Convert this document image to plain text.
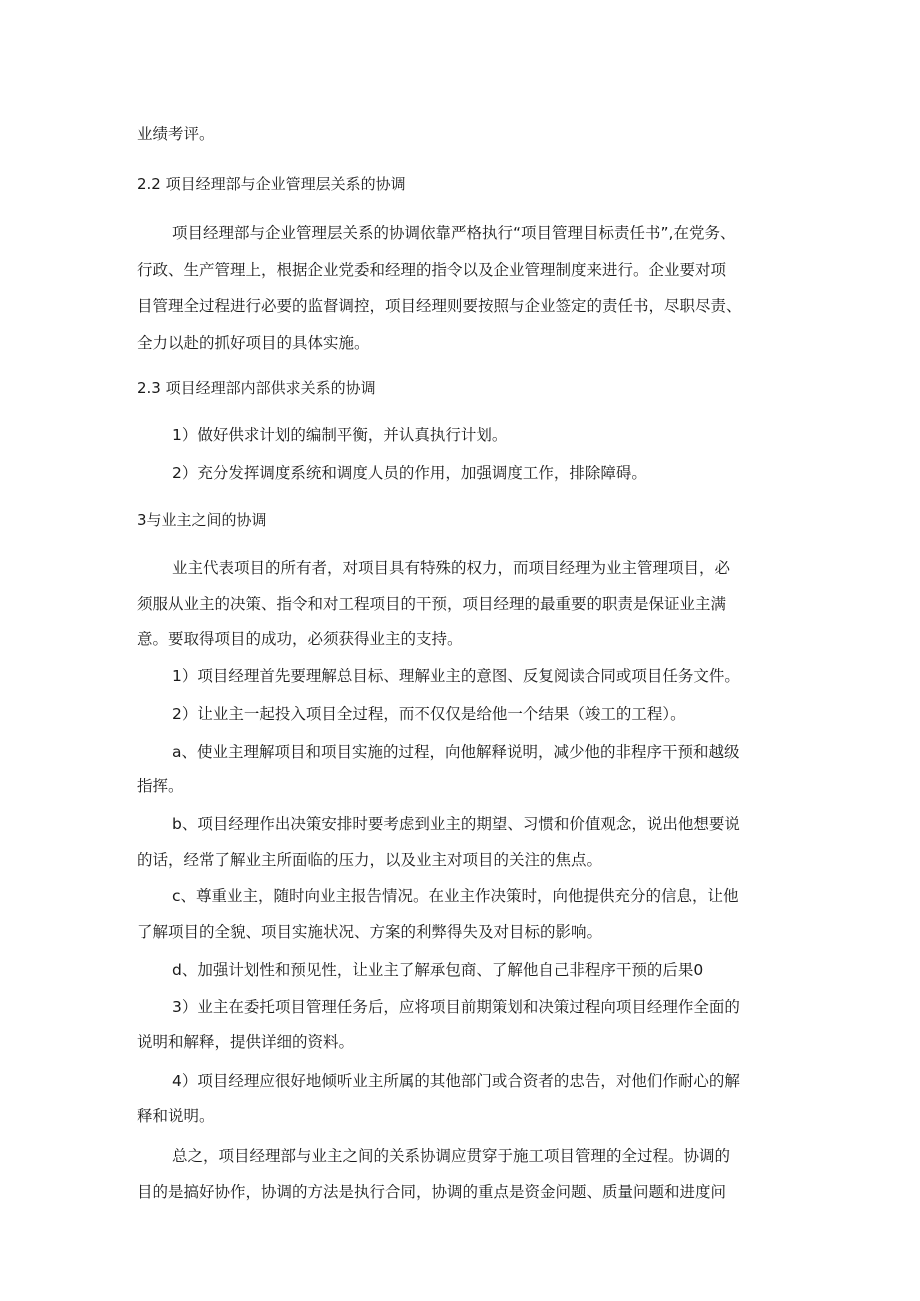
业绩考评。
2.2 项目经理部与企业管理层关系的协调
项目经理部与企业管理层关系的协调依靠严格执行“项目管理目标责任书”,在党务、
行政、生产管理上，根据企业党委和经理的指令以及企业管理制度来进行。企业要对项
目管理全过程进行必要的监督调控，项目经理则要按照与企业签定的责任书，尽职尽责、
全力以赴的抓好项目的具体实施。
2.3 项目经理部内部供求关系的协调
1）做好供求计划的编制平衡，并认真执行计划。
2）充分发挥调度系统和调度人员的作用，加强调度工作，排除障碍。
3与业主之间的协调
业主代表项目的所有者，对项目具有特殊的权力，而项目经理为业主管理项目，必
须服从业主的决策、指令和对工程项目的干预，项目经理的最重要的职责是保证业主满
意。要取得项目的成功，必须获得业主的支持。
1）项目经理首先要理解总目标、理解业主的意图、反复阅读合同或项目任务文件。
2）让业主一起投入项目全过程，而不仅仅是给他一个结果（竣工的工程）。
a、使业主理解项目和项目实施的过程，向他解释说明，减少他的非程序干预和越级
指挥。
b、项目经理作出决策安排时要考虑到业主的期望、习惯和价值观念，说出他想要说
的话，经常了解业主所面临的压力，以及业主对项目的关注的焦点。
c、尊重业主，随时向业主报告情况。在业主作决策时，向他提供充分的信息，让他
了解项目的全貌、项目实施状况、方案的利弊得失及对目标的影响。
d、加强计划性和预见性，让业主了解承包商、了解他自己非程序干预的后果0
3）业主在委托项目管理任务后，应将项目前期策划和决策过程向项目经理作全面的
说明和解释，提供详细的资料。
4）项目经理应很好地倾听业主所属的其他部门或合资者的忠告，对他们作耐心的解
释和说明。
总之，项目经理部与业主之间的关系协调应贯穿于施工项目管理的全过程。协调的
目的是搞好协作，协调的方法是执行合同，协调的重点是资金问题、质量问题和进度问
